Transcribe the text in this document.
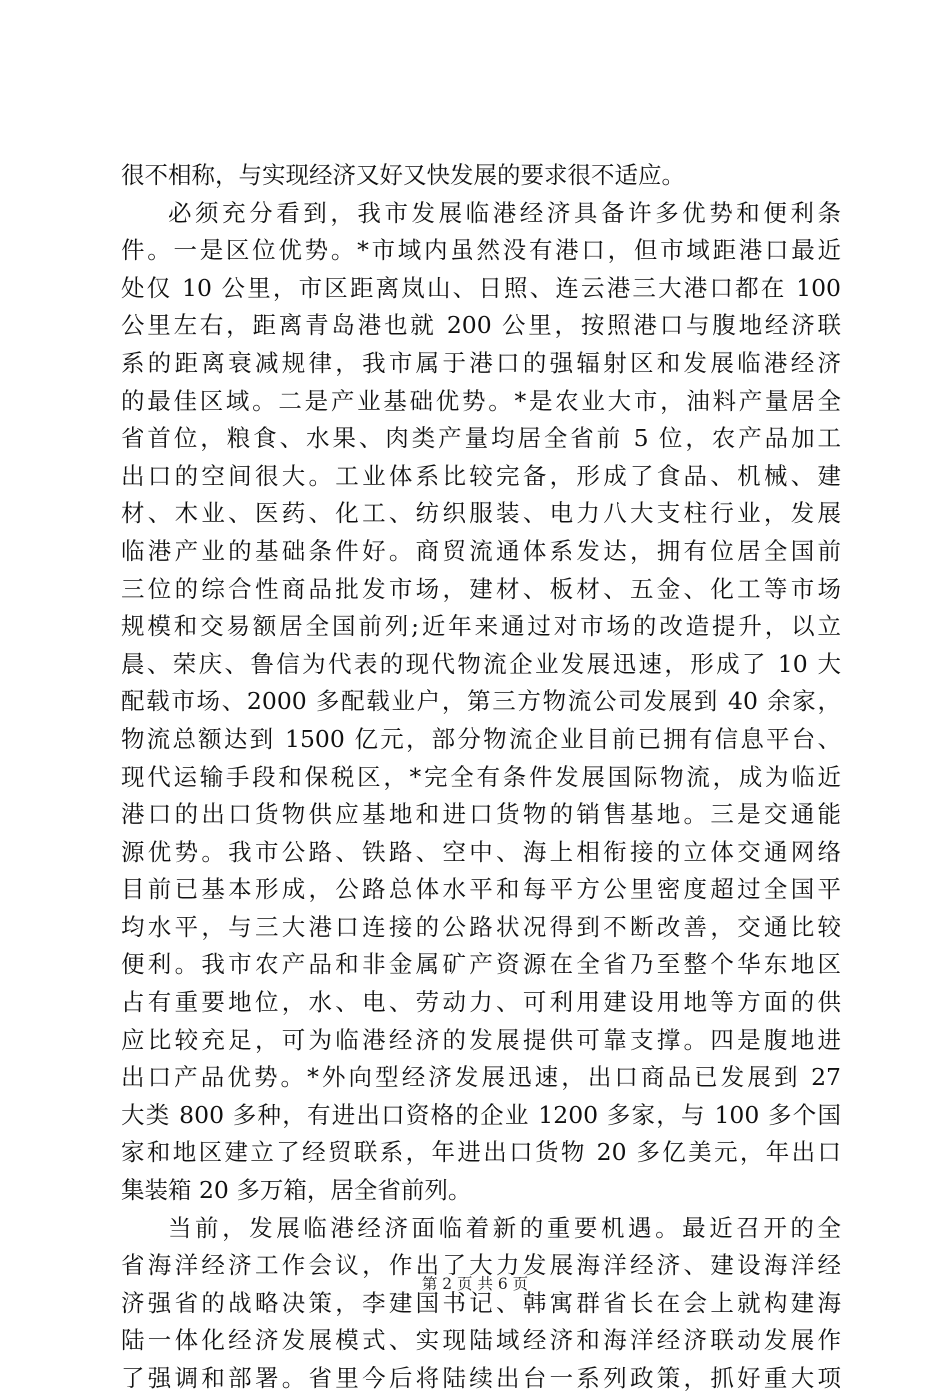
很不相称，与实现经济又好又快发展的要求很不适应。
必须充分看到，我市发展临港经济具备许多优势和便利条
件。一是区位优势。*市域内虽然没有港口，但市域距港口最近
处仅 10 公里，市区距离岚山、日照、连云港三大港口都在 100
公里左右，距离青岛港也就 200 公里，按照港口与腹地经济联
系的距离衰减规律，我市属于港口的强辐射区和发展临港经济
的最佳区域。二是产业基础优势。*是农业大市，油料产量居全
省首位，粮食、水果、肉类产量均居全省前 5 位，农产品加工
出口的空间很大。工业体系比较完备，形成了食品、机械、建
材、木业、医药、化工、纺织服装、电力八大支柱行业，发展
临港产业的基础条件好。商贸流通体系发达，拥有位居全国前
三位的综合性商品批发市场，建材、板材、五金、化工等市场
规模和交易额居全国前列;近年来通过对市场的改造提升，以立
晨、荣庆、鲁信为代表的现代物流企业发展迅速，形成了 10 大
配载市场、2000 多配载业户，第三方物流公司发展到 40 余家，
物流总额达到 1500 亿元，部分物流企业目前已拥有信息平台、
现代运输手段和保税区，*完全有条件发展国际物流，成为临近
港口的出口货物供应基地和进口货物的销售基地。三是交通能
源优势。我市公路、铁路、空中、海上相衔接的立体交通网络
目前已基本形成，公路总体水平和每平方公里密度超过全国平
均水平，与三大港口连接的公路状况得到不断改善，交通比较
便利。我市农产品和非金属矿产资源在全省乃至整个华东地区
占有重要地位，水、电、劳动力、可利用建设用地等方面的供
应比较充足，可为临港经济的发展提供可靠支撑。四是腹地进
出口产品优势。*外向型经济发展迅速，出口商品已发展到 27
大类 800 多种，有进出口资格的企业 1200 多家，与 100 多个国
家和地区建立了经贸联系，年进出口货物 20 多亿美元，年出口
集装箱 20 多万箱，居全省前列。
当前，发展临港经济面临着新的重要机遇。最近召开的全
省海洋经济工作会议，作出了大力发展海洋经济、建设海洋经
济强省的战略决策，李建国书记、韩寓群省长在会上就构建海
陆一体化经济发展模式、实现陆域经济和海洋经济联动发展作
了强调和部署。省里今后将陆续出台一系列政策，抓好重大项
第 2 页 共 6 页
